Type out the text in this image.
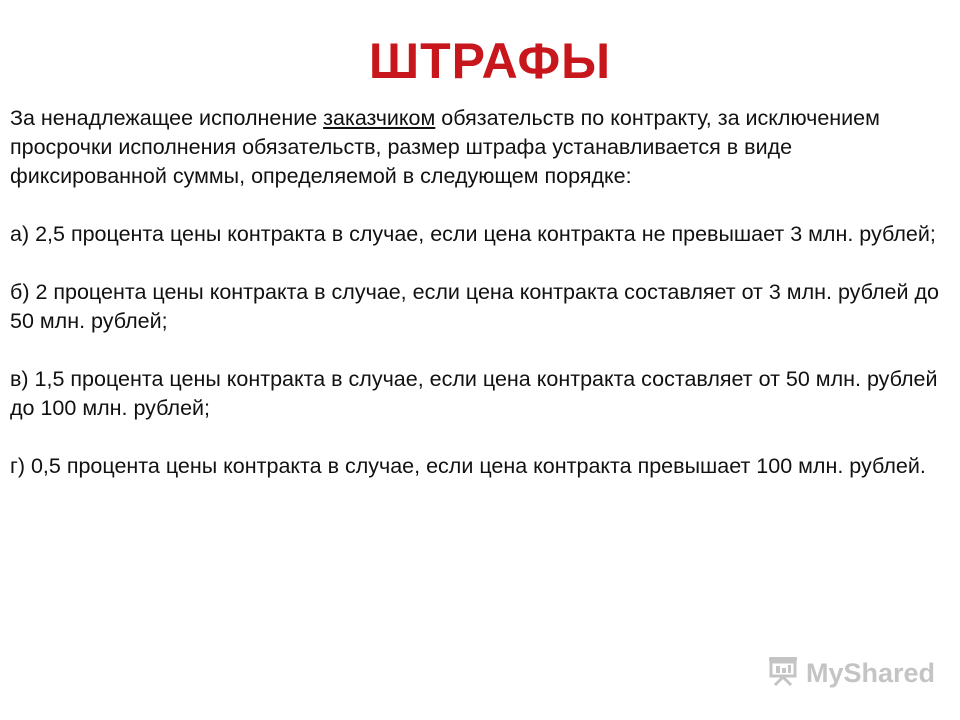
ШТРАФЫ

За ненадлежащее исполнение заказчиком обязательств по контракту, за исключением просрочки исполнения обязательств, размер штрафа устанавливается в виде фиксированной суммы, определяемой в следующем порядке:

а) 2,5 процента цены контракта в случае, если цена контракта не превышает 3 млн. рублей;

б) 2 процента цены контракта в случае, если цена контракта составляет от 3 млн. рублей до 50 млн. рублей;

в) 1,5 процента цены контракта в случае, если цена контракта составляет от 50 млн. рублей до 100 млн. рублей;

г) 0,5 процента цены контракта в случае, если цена контракта превышает 100 млн. рублей.

MyShared
